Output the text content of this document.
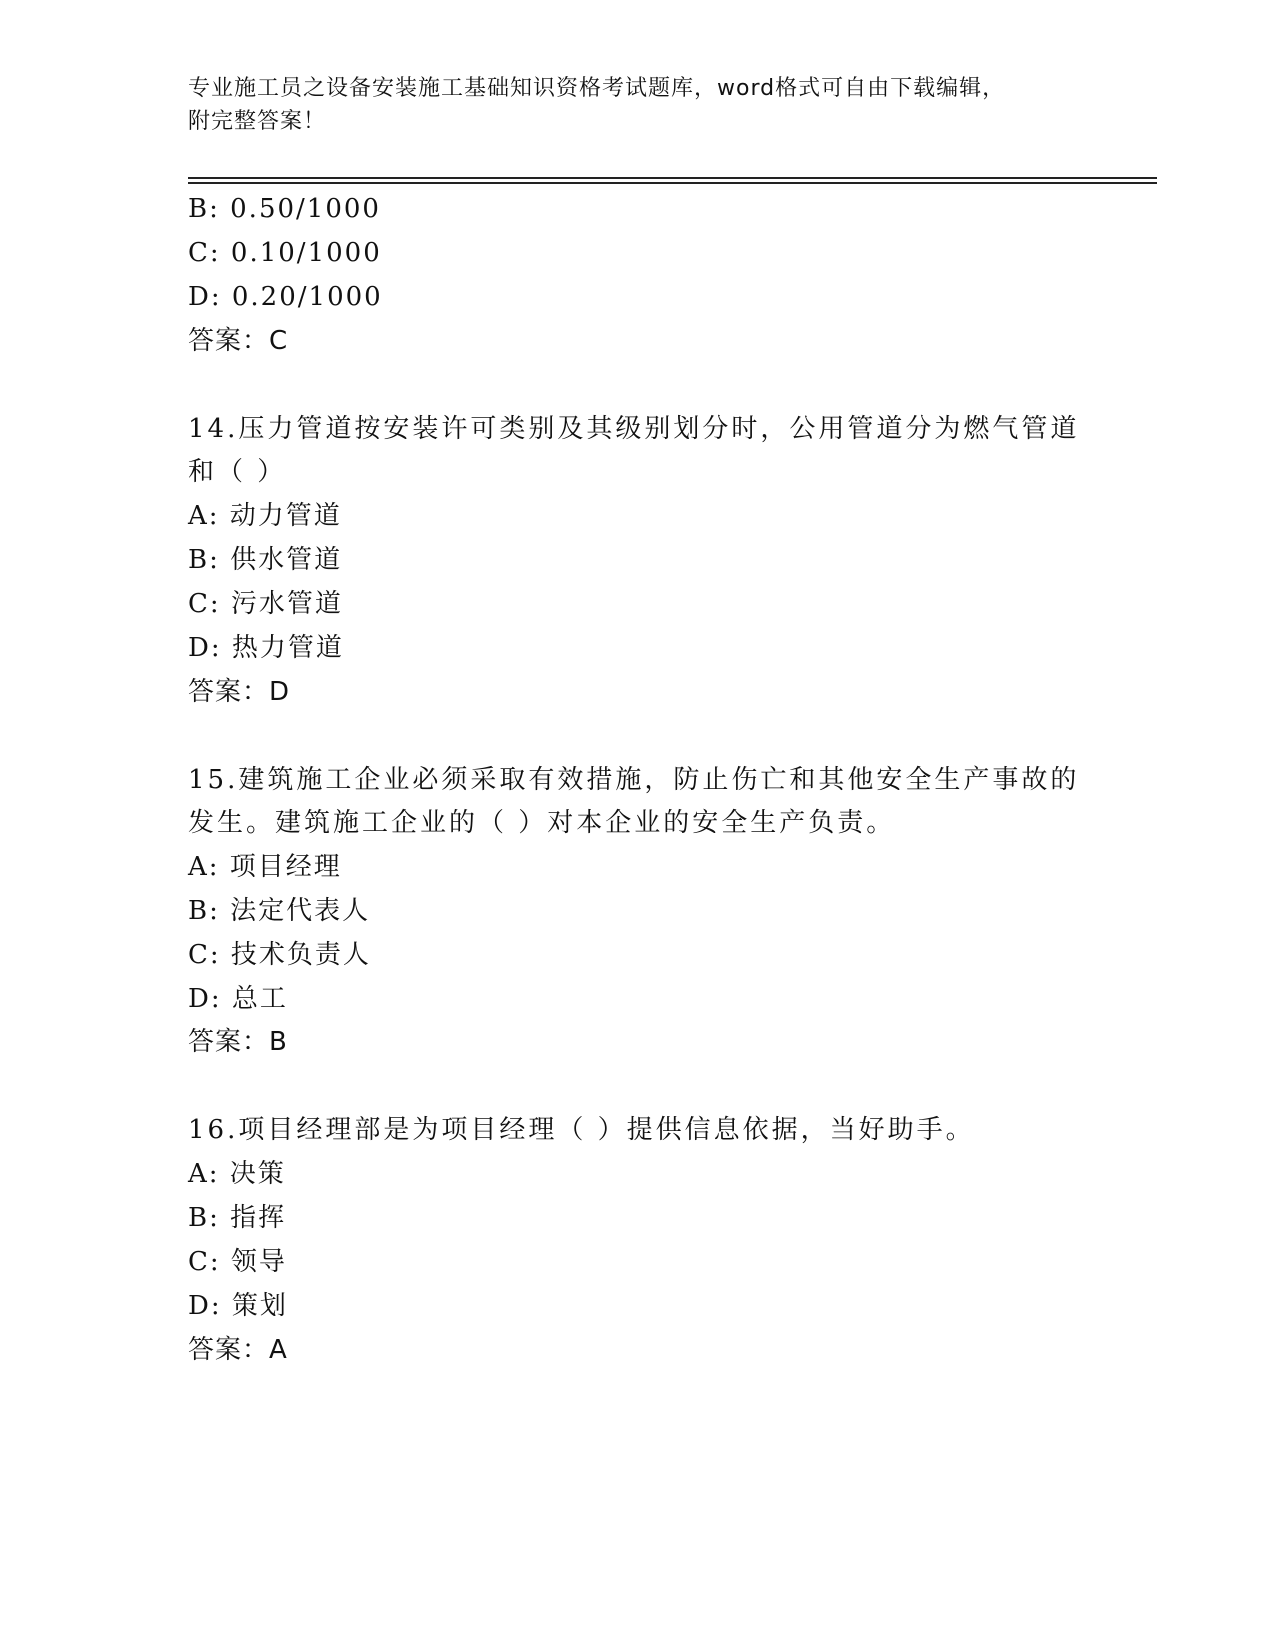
专业施工员之设备安装施工基础知识资格考试题库，word格式可自由下载编辑，
附完整答案！
B: 0.50/1000
C: 0.10/1000
D: 0.20/1000
答案：C
14.压力管道按安装许可类别及其级别划分时，公用管道分为燃气管道
和（ ）
A: 动力管道
B: 供水管道
C: 污水管道
D: 热力管道
答案：D
15.建筑施工企业必须采取有效措施，防止伤亡和其他安全生产事故的
发生。建筑施工企业的（ ）对本企业的安全生产负责。
A: 项目经理
B: 法定代表人
C: 技术负责人
D: 总工
答案：B
16.项目经理部是为项目经理（ ）提供信息依据，当好助手。
A: 决策
B: 指挥
C: 领导
D: 策划
答案：A
